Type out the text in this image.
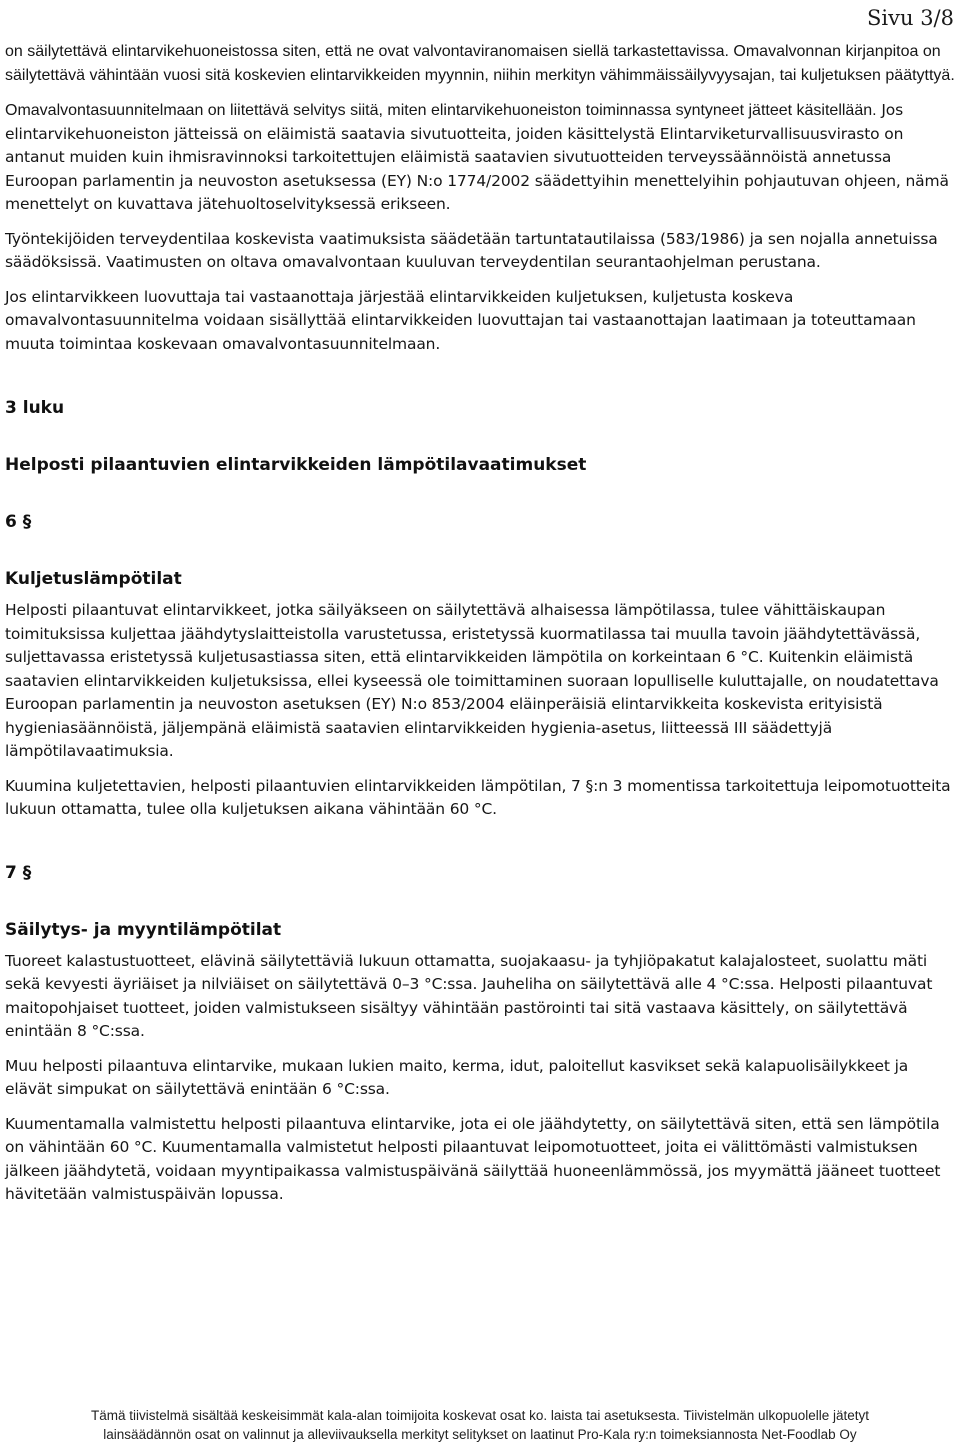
Sivu 3/8

on säilytettävä elintarvikehuoneistossa siten, että ne ovat valvontaviranomaisen siellä tarkastettavissa. Omavalvonnan kirjanpitoa on säilytettävä vähintään vuosi sitä koskevien elintarvikkeiden myynnin, niihin merkityn vähimmäissäilyvyysajan, tai kuljetuksen päätyttyä.

Omavalvontasuunnitelmaan on liitettävä selvitys siitä, miten elintarvikehuoneiston toiminnassa syntyneet jätteet käsitellään. Jos elintarvikehuoneiston jätteissä on eläimistä saatavia sivutuotteita, joiden käsittelystä Elintarviketurvallisuusvirasto on antanut muiden kuin ihmisravinnoksi tarkoitettujen eläimistä saatavien sivutuotteiden terveyssäännöistä annetussa Euroopan parlamentin ja neuvoston asetuksessa (EY) N:o 1774/2002 säädettyihin menettelyihin pohjautuvan ohjeen, nämä menettelyt on kuvattava jätehuoltoselvityksessä erikseen.

Työntekijöiden terveydentilaa koskevista vaatimuksista säädetään tartuntatautilaissa (583/1986) ja sen nojalla annetuissa säädöksissä. Vaatimusten on oltava omavalvontaan kuuluvan terveydentilan seurantaohjelman perustana.

Jos elintarvikkeen luovuttaja tai vastaanottaja järjestää elintarvikkeiden kuljetuksen, kuljetusta koskeva omavalvontasuunnitelma voidaan sisällyttää elintarvikkeiden luovuttajan tai vastaanottajan laatimaan ja toteuttamaan muuta toimintaa koskevaan omavalvontasuunnitelmaan.

3 luku
Helposti pilaantuvien elintarvikkeiden lämpötilavaatimukset
6 §
Kuljetuslämpötilat

Helposti pilaantuvat elintarvikkeet, jotka säilyäkseen on säilytettävä alhaisessa lämpötilassa, tulee vähittäiskaupan toimituksissa kuljettaa jäähdytyslaitteistolla varustetussa, eristetyssä kuormatilassa tai muulla tavoin jäähdytettävässä, suljettavassa eristetyssä kuljetusastiassa siten, että elintarvikkeiden lämpötila on korkeintaan 6 °C. Kuitenkin eläimistä saatavien elintarvikkeiden kuljetuksissa, ellei kyseessä ole toimittaminen suoraan lopulliselle kuluttajalle, on noudatettava Euroopan parlamentin ja neuvoston asetuksen (EY) N:o 853/2004 eläinperäisiä elintarvikkeita koskevista erityisistä hygieniasäännöistä, jäljempänä eläimistä saatavien elintarvikkeiden hygienia-asetus, liitteessä III säädettyjä lämpötilavaatimuksia.

Kuumina kuljetettavien, helposti pilaantuvien elintarvikkeiden lämpötilan, 7 §:n 3 momentissa tarkoitettuja leipomotuotteita lukuun ottamatta, tulee olla kuljetuksen aikana vähintään 60 °C.

7 §
Säilytys- ja myyntilämpötilat

Tuoreet kalastustuotteet, elävinä säilytettäviä lukuun ottamatta, suojakaasu- ja tyhjiöpakatut kalajalosteet, suolattu mäti sekä kevyesti äyriäiset ja nilviäiset on säilytettävä 0–3 °C:ssa. Jauheliha on säilytettävä alle 4 °C:ssa. Helposti pilaantuvat maitopohjaiset tuotteet, joiden valmistukseen sisältyy vähintään pastörointi tai sitä vastaava käsittely, on säilytettävä enintään 8 °C:ssa.

Muu helposti pilaantuva elintarvike, mukaan lukien maito, kerma, idut, paloitellut kasvikset sekä kalapuolisäilykkeet ja elävät simpukat on säilytettävä enintään 6 °C:ssa.

Kuumentamalla valmistettu helposti pilaantuva elintarvike, jota ei ole jäähdytetty, on säilytettävä siten, että sen lämpötila on vähintään 60 °C. Kuumentamalla valmistetut helposti pilaantuvat leipomotuotteet, joita ei välittömästi valmistuksen jälkeen jäähdytetä, voidaan myyntipaikassa valmistuspäivänä säilyttää huoneenlämmössä, jos myymättä jääneet tuotteet hävitetään valmistuspäivän lopussa.

Tämä tiivistelmä sisältää keskeisimmät kala-alan toimijoita koskevat osat ko. laista tai asetuksesta. Tiivistelmän ulkopuolelle jätetyt
lainsäädännön osat on valinnut ja alleviivauksella merkityt selitykset on laatinut Pro-Kala ry:n toimeksiannosta Net-Foodlab Oy
